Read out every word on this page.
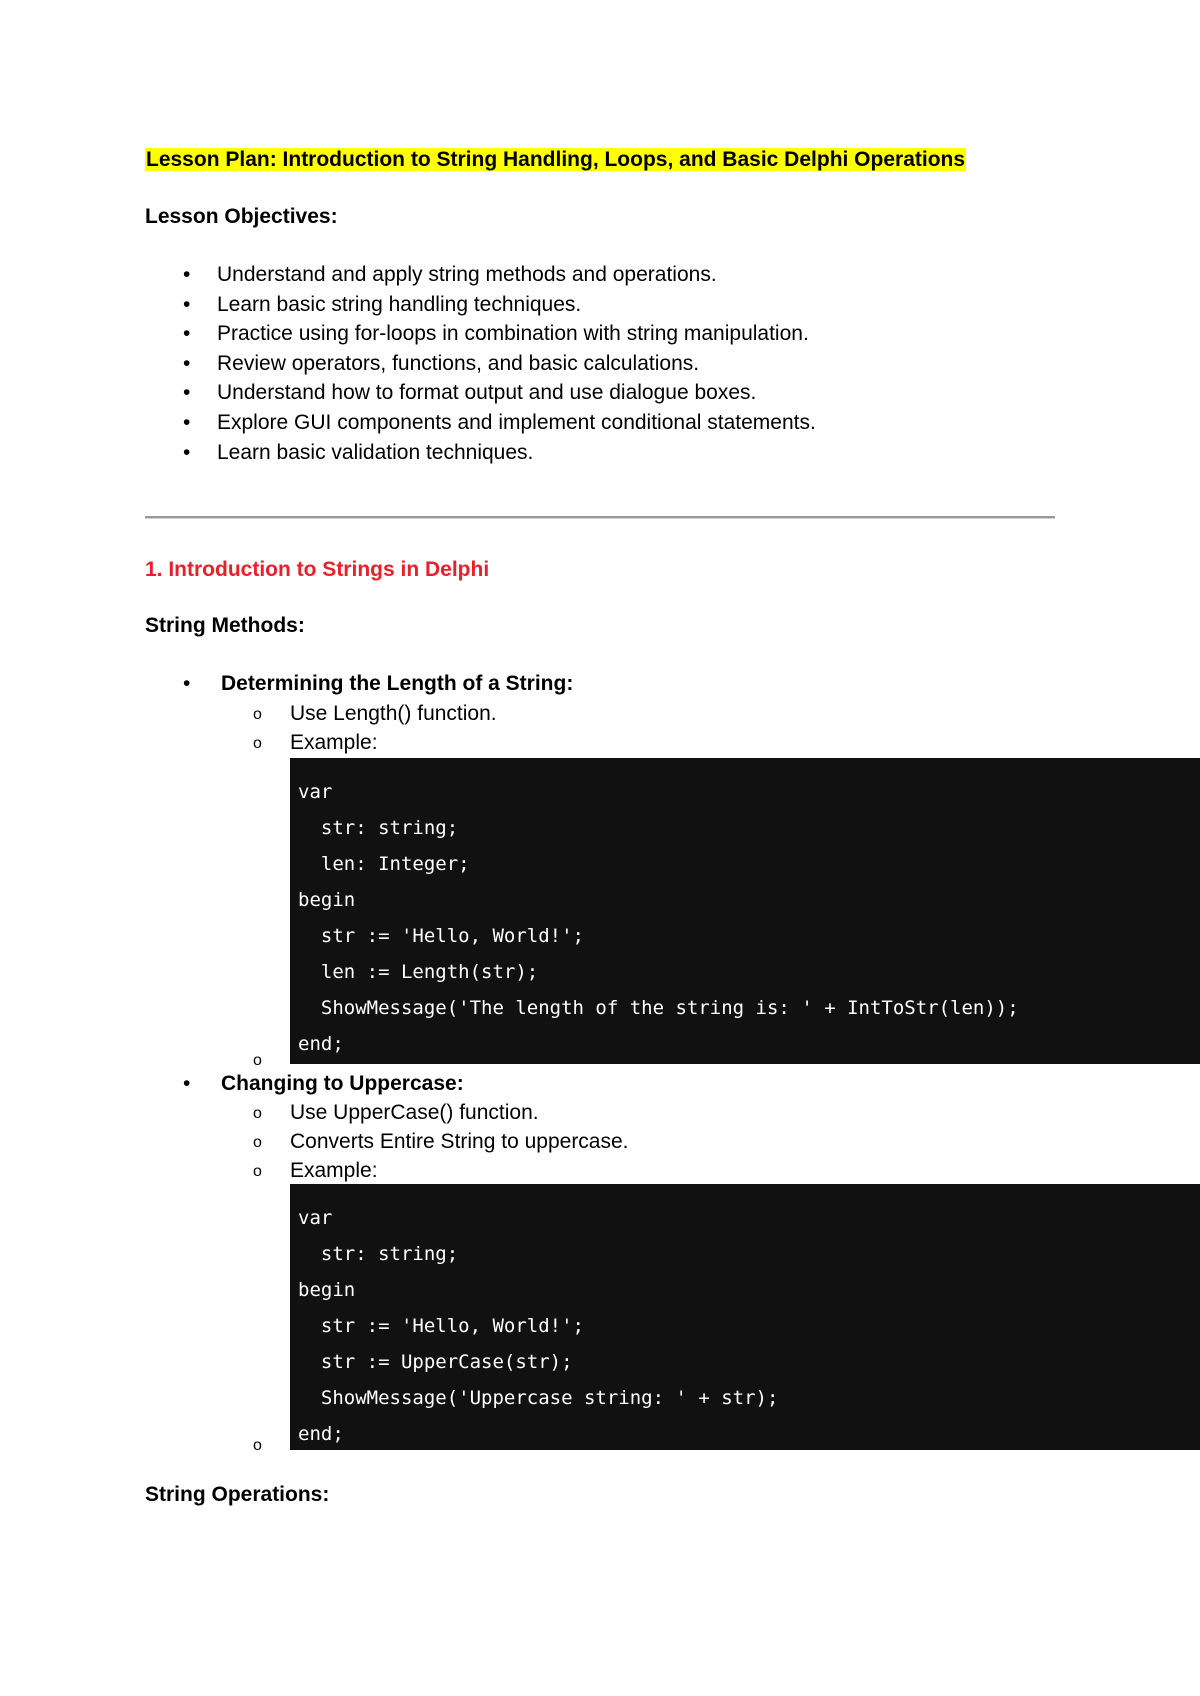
Lesson Plan: Introduction to String Handling, Loops, and Basic Delphi Operations
Lesson Objectives:
• Understand and apply string methods and operations.
• Learn basic string handling techniques.
• Practice using for-loops in combination with string manipulation.
• Review operators, functions, and basic calculations.
• Understand how to format output and use dialogue boxes.
• Explore GUI components and implement conditional statements.
• Learn basic validation techniques.
1. Introduction to Strings in Delphi
String Methods:
• Determining the Length of a String:
o Use Length() function.
o Example:
var
str: string;
len: Integer;
begin
str := 'Hello, World!';
len := Length(str);
ShowMessage('The length of the string is: ' + IntToStr(len));
end;
o
• Changing to Uppercase:
o Use UpperCase() function.
o Converts Entire String to uppercase.
o Example:
var
str: string;
begin
str := 'Hello, World!';
str := UpperCase(str);
ShowMessage('Uppercase string: ' + str);
end;
o
String Operations:
